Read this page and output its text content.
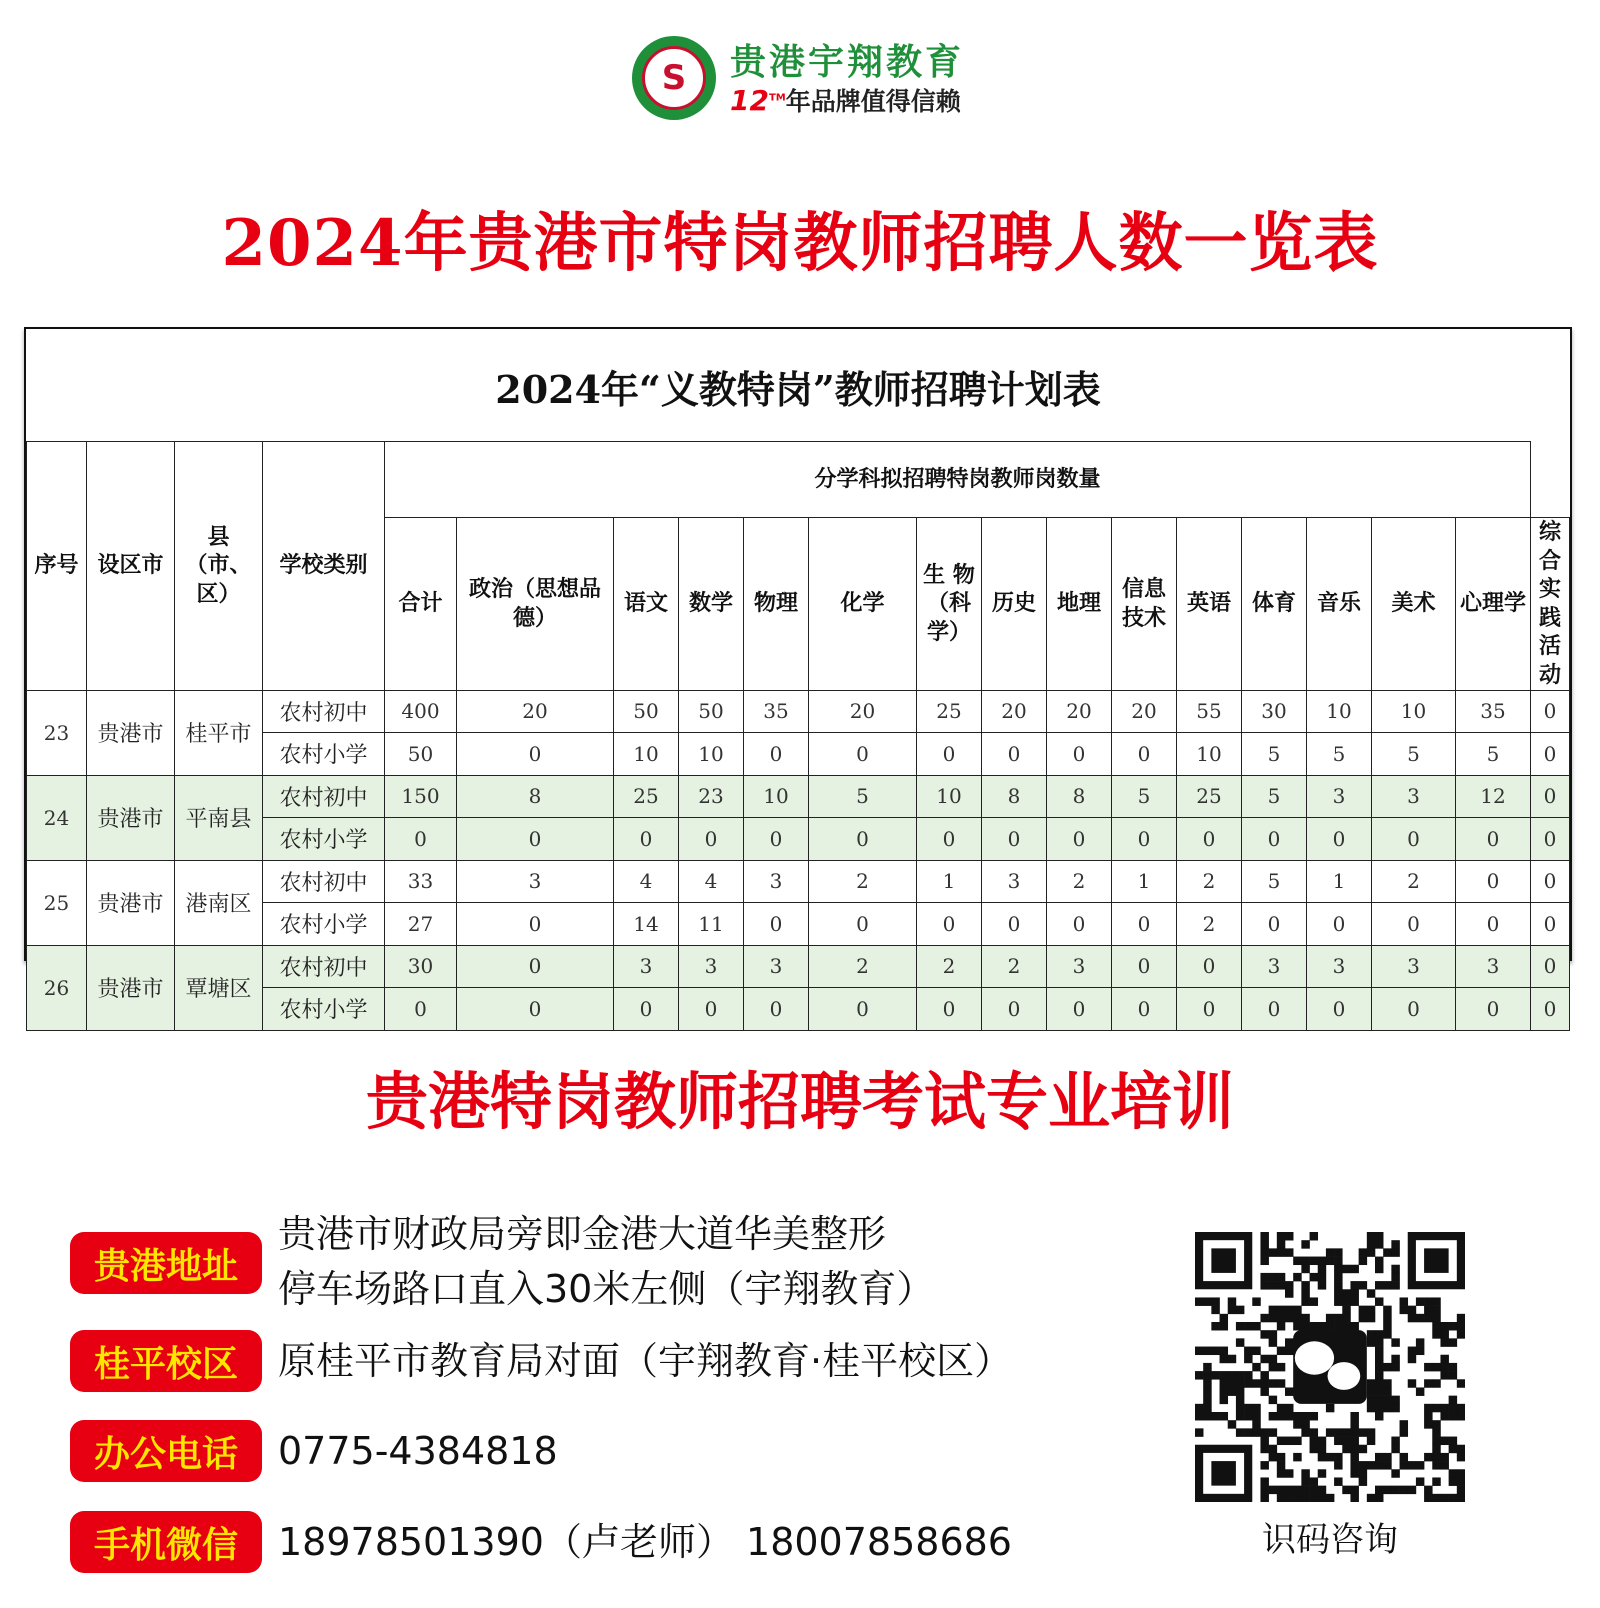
S 贵港宇翔教育
12™年品牌值得信赖
2024年贵港市特岗教师招聘人数一览表
2024年“义教特岗”教师招聘计划表
序号	设区市	县（市、区）	学校类别	分学科拟招聘特岗教师岗数量															
				合计	政治（思想品德）	语文	数学	物理	化学	生 物（科学）	历史	地理	信息技术	英语	体育	音乐	美术	心理学	综合实践活动
23	贵港市	桂平市	农村初中	400	20	50	50	35	20	25	20	20	20	55	30	10	10	35	0
			农村小学	50	0	10	10	0	0	0	0	0	0	10	5	5	5	5	0
24	贵港市	平南县	农村初中	150	8	25	23	10	5	10	8	8	5	25	5	3	3	12	0
			农村小学	0	0	0	0	0	0	0	0	0	0	0	0	0	0	0	0
25	贵港市	港南区	农村初中	33	3	4	4	3	2	1	3	2	1	2	5	1	2	0	0
			农村小学	27	0	14	11	0	0	0	0	0	0	2	0	0	0	0	0
26	贵港市	覃塘区	农村初中	30	0	3	3	3	2	2	2	3	0	0	3	3	3	3	0
			农村小学	0	0	0	0	0	0	0	0	0	0	0	0	0	0	0	0
贵港特岗教师招聘考试专业培训
贵港地址
贵港市财政局旁即金港大道华美整形
停车场路口直入30米左侧（宇翔教育）
桂平校区	原桂平市教育局对面（宇翔教育·桂平校区）
办公电话	0775-4384818
手机微信	18978501390（卢老师） 18007858686	识码咨询
